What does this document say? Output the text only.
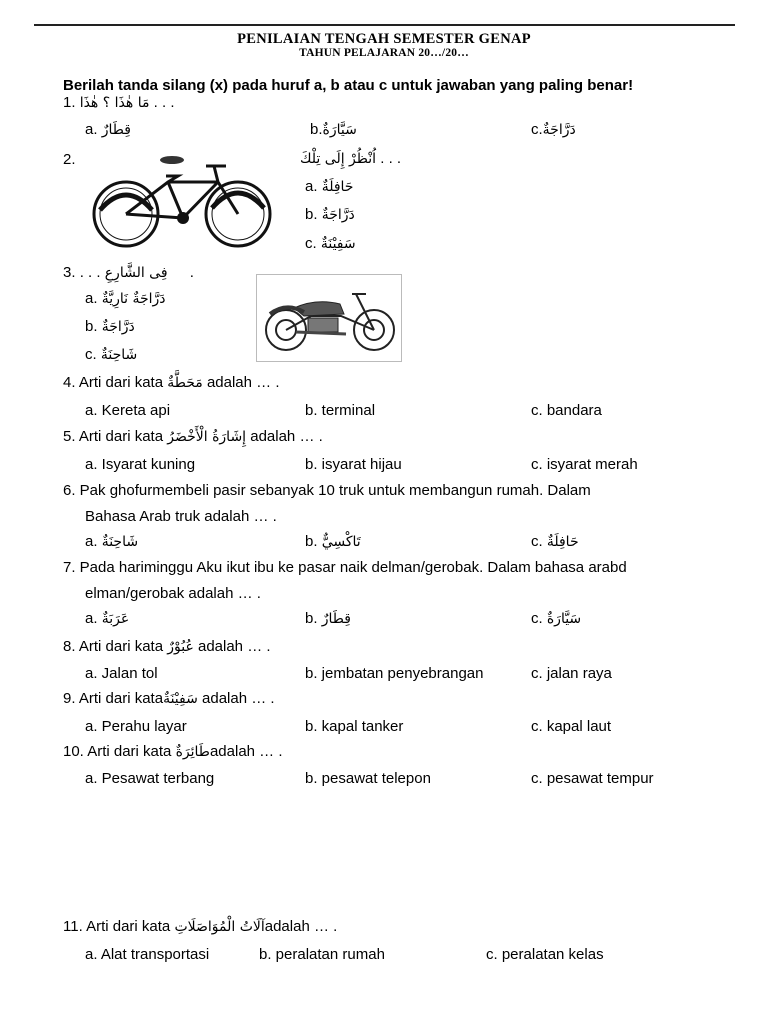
PENILAIAN TENGAH SEMESTER GENAP
TAHUN PELAJARAN 20…/20…
Berilah tanda silang (x) pada huruf a, b atau c untuk jawaban yang paling benar!
1. مَا هٰذَا ؟ هٰذَا . . .
a. قِطَارٌ	b.سَيَّارَةٌ	c.دَرَّاجَةٌ
2.	اُنْظُرْ إِلَى تِلْكَ . . .
a. حَافِلَةٌ
b. دَرَّاجَةٌ
c. سَفِيْنَةٌ
3. . . . فِى الشَّارِعِ .
a. دَرَّاجَةٌ نَارِيَّةٌ
b. دَرَّاجَةٌ
c. شَاحِنَةٌ
4. Arti dari kata مَحَطَّةٌ adalah … .
a. Kereta api	b. terminal	c. bandara
5. Arti dari kata إِشَارَةُ الْأَخْضَرُ adalah … .
a. Isyarat kuning	b. isyarat hijau	c. isyarat merah
6. Pak ghofurmembeli pasir sebanyak 10 truk untuk membangun rumah. Dalam
Bahasa Arab truk adalah … .
a. شَاحِنَةٌ	b. تَاكْسِيٌّ	c. حَافِلَةٌ
7. Pada hariminggu Aku ikut ibu ke pasar naik delman/gerobak. Dalam bahasa arabd
elman/gerobak adalah … .
a. عَرَبَةٌ	b. قِطَارٌ	c. سَيَّارَةٌ
8. Arti dari kata عُبُوْرٌ adalah … .
a. Jalan tol	b. jembatan penyebrangan	c. jalan raya
9. Arti dari kataسَفِيْنَةٌ adalah … .
a. Perahu layar	b. kapal tanker	c. kapal laut
10. Arti dari kata طَائِرَةٌadalah … .
a. Pesawat terbang	b. pesawat telepon	c. pesawat tempur
11. Arti dari kata آلَاتُ الْمُوَاصَلَاتِadalah … .
a. Alat transportasi	b. peralatan rumah	c. peralatan kelas
